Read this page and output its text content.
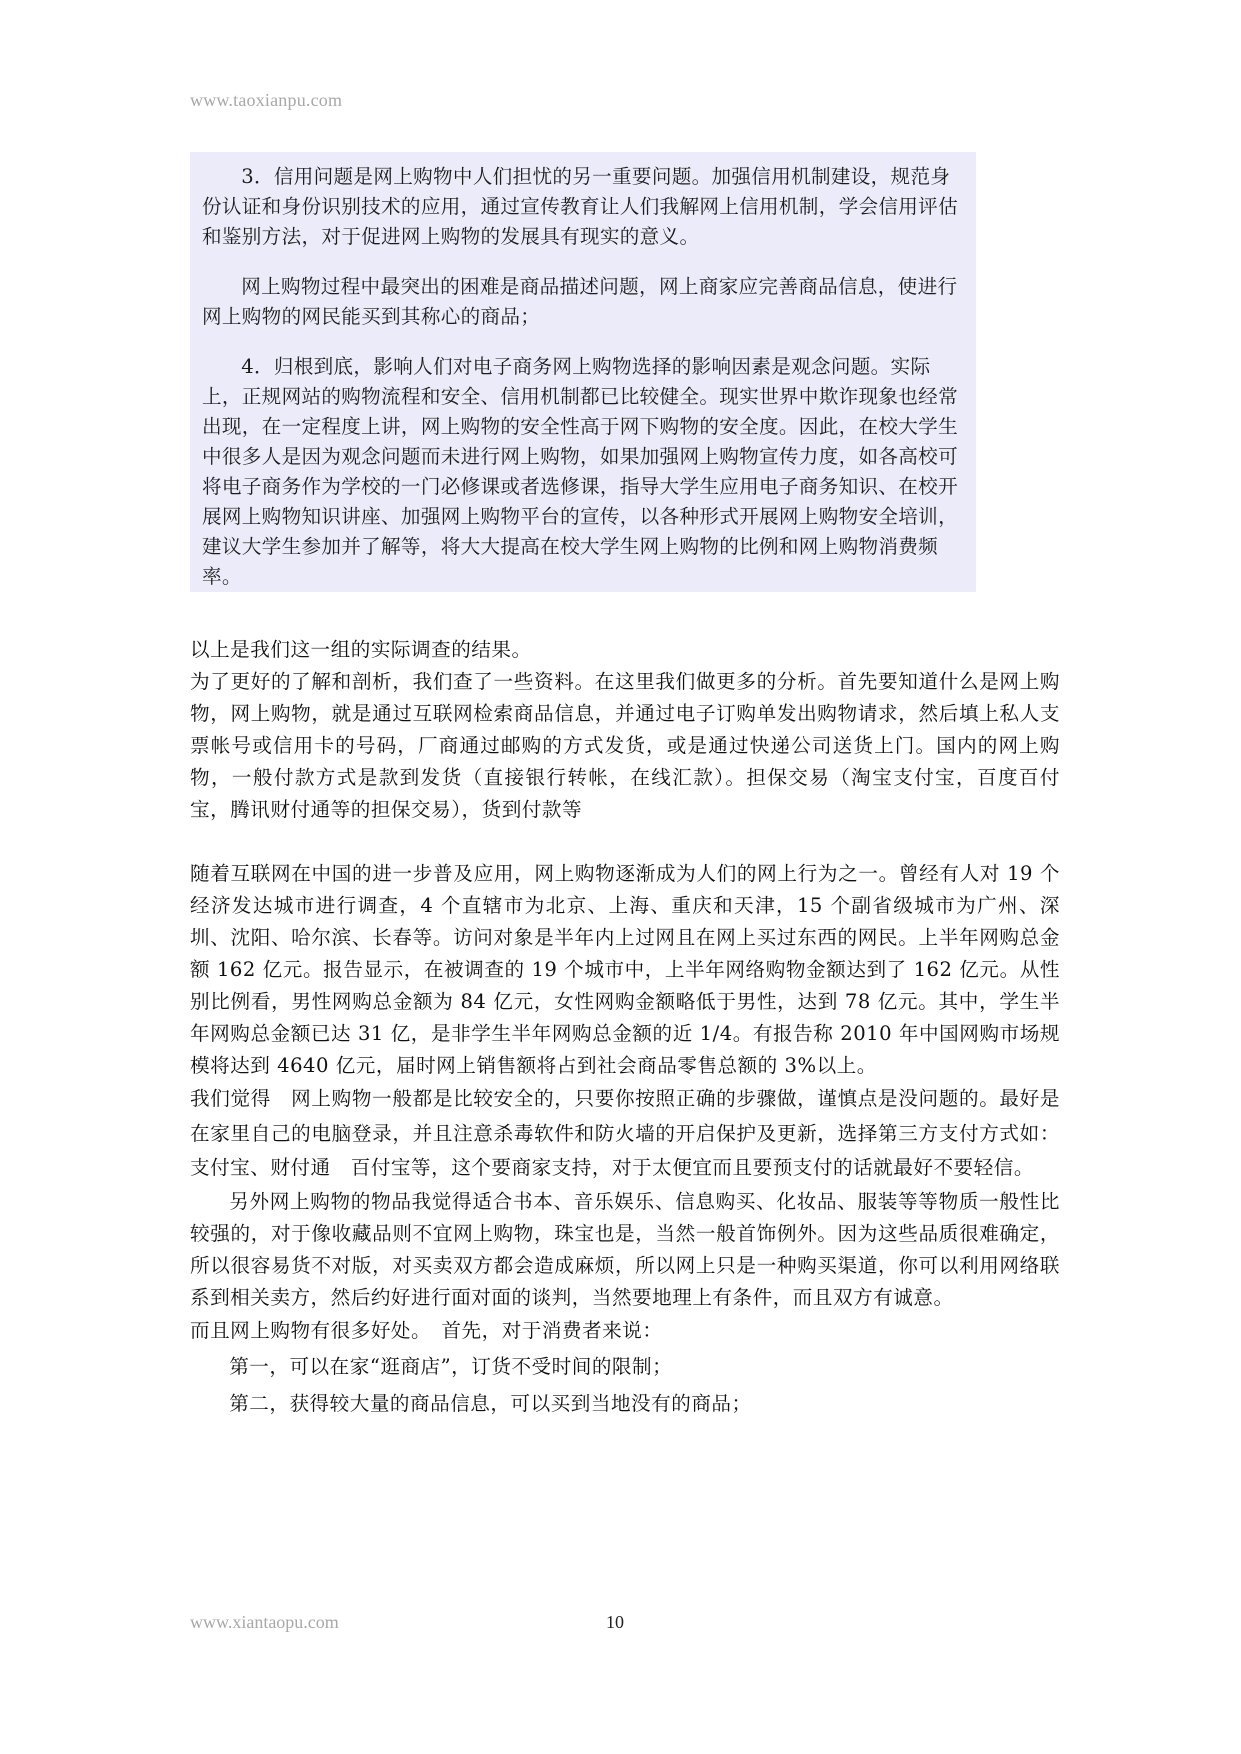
www.taoxianpu.com

3．信用问题是网上购物中人们担忧的另一重要问题。加强信用机制建设，规范身份认证和身份识别技术的应用，通过宣传教育让人们我解网上信用机制，学会信用评估和鉴别方法，对于促进网上购物的发展具有现实的意义。

网上购物过程中最突出的困难是商品描述问题，网上商家应完善商品信息，使进行网上购物的网民能买到其称心的商品；

4．归根到底，影响人们对电子商务网上购物选择的影响因素是观念问题。实际上，正规网站的购物流程和安全、信用机制都已比较健全。现实世界中欺诈现象也经常出现，在一定程度上讲，网上购物的安全性高于网下购物的安全度。因此，在校大学生中很多人是因为观念问题而未进行网上购物，如果加强网上购物宣传力度，如各高校可将电子商务作为学校的一门必修课或者选修课，指导大学生应用电子商务知识、在校开展网上购物知识讲座、加强网上购物平台的宣传，以各种形式开展网上购物安全培训，建议大学生参加并了解等，将大大提高在校大学生网上购物的比例和网上购物消费频率。

以上是我们这一组的实际调查的结果。

为了更好的了解和剖析，我们查了一些资料。在这里我们做更多的分析。首先要知道什么是网上购物，网上购物，就是通过互联网检索商品信息，并通过电子订购单发出购物请求，然后填上私人支票帐号或信用卡的号码，厂商通过邮购的方式发货，或是通过快递公司送货上门。国内的网上购物，一般付款方式是款到发货（直接银行转帐，在线汇款）。担保交易（淘宝支付宝，百度百付宝，腾讯财付通等的担保交易），货到付款等

随着互联网在中国的进一步普及应用，网上购物逐渐成为人们的网上行为之一。曾经有人对 19 个经济发达城市进行调查，4 个直辖市为北京、上海、重庆和天津，15 个副省级城市为广州、深圳、沈阳、哈尔滨、长春等。访问对象是半年内上过网且在网上买过东西的网民。上半年网购总金额 162 亿元。报告显示，在被调查的 19 个城市中，上半年网络购物金额达到了 162 亿元。从性别比例看，男性网购总金额为 84 亿元，女性网购金额略低于男性，达到 78 亿元。其中，学生半年网购总金额已达 31 亿，是非学生半年网购总金额的近 1/4。有报告称 2010 年中国网购市场规模将达到 4640 亿元，届时网上销售额将占到社会商品零售总额的 3%以上。

我们觉得　网上购物一般都是比较安全的，只要你按照正确的步骤做，谨慎点是没问题的。最好是在家里自己的电脑登录，并且注意杀毒软件和防火墙的开启保护及更新，选择第三方支付方式如：支付宝、财付通　百付宝等，这个要商家支持，对于太便宜而且要预支付的话就最好不要轻信。

另外网上购物的物品我觉得适合书本、音乐娱乐、信息购买、化妆品、服装等等物质一般性比较强的，对于像收藏品则不宜网上购物，珠宝也是，当然一般首饰例外。因为这些品质很难确定，所以很容易货不对版，对买卖双方都会造成麻烦，所以网上只是一种购买渠道，你可以利用网络联系到相关卖方，然后约好进行面对面的谈判，当然要地理上有条件，而且双方有诚意。

而且网上购物有很多好处。　首先，对于消费者来说：

第一，可以在家“逛商店”，订货不受时间的限制；

第二，获得较大量的商品信息，可以买到当地没有的商品；

www.xiantaopu.com	10
